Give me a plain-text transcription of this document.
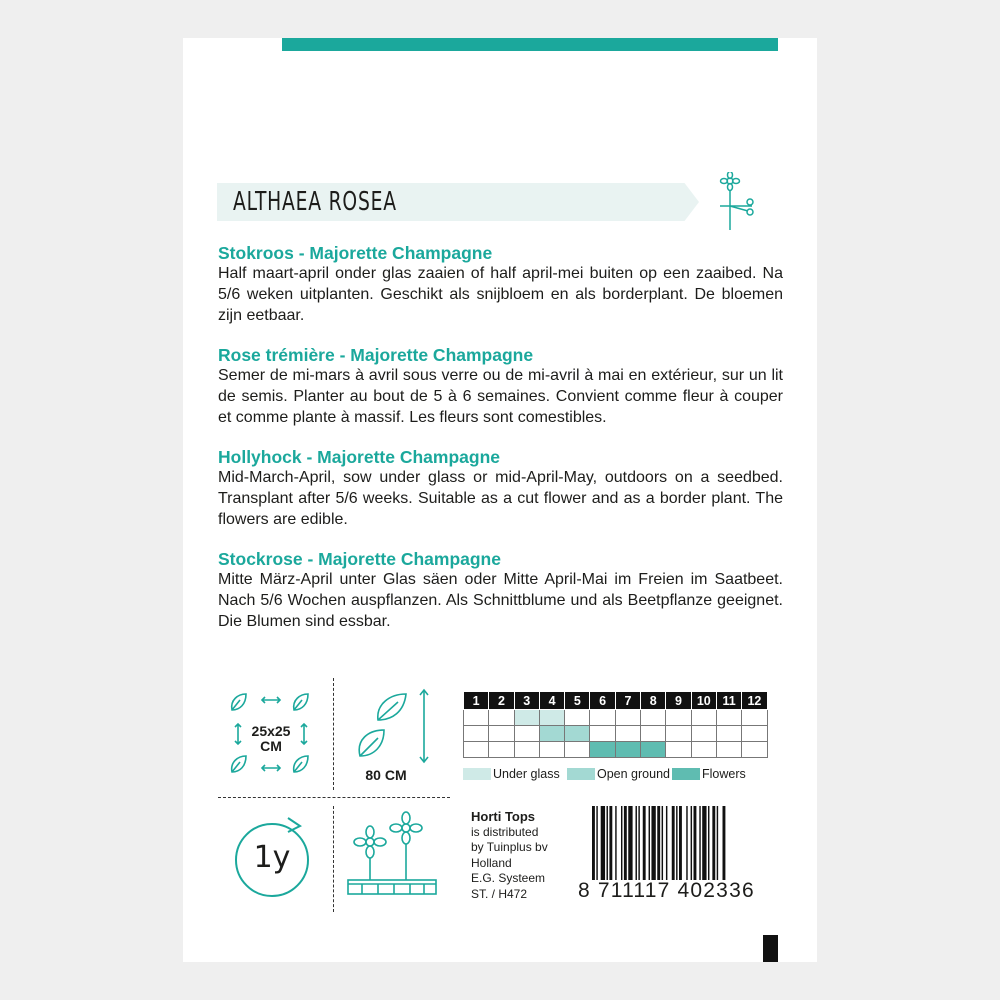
ALTHAEA ROSEA

Stokroos - Majorette Champagne

Half maart-april onder glas zaaien of half april-mei buiten op een zaaibed. Na 5/6 weken uitplanten. Geschikt als snijbloem en als borderplant. De bloemen zijn eetbaar.

Rose trémière - Majorette Champagne

Semer de mi-mars à avril sous verre ou de mi-avril à mai en extérieur, sur un lit de semis. Planter au bout de 5 à 6 semaines. Convient comme fleur à couper et comme plante à massif. Les fleurs sont comestibles.

Hollyhock - Majorette Champagne

Mid-March-April, sow under glass or mid-April-May, outdoors on a seedbed. Transplant after 5/6 weeks. Suitable as a cut flower and as a border plant. The flowers are edible.

Stockrose - Majorette Champagne

Mitte März-April unter Glas säen oder Mitte April-Mai im Freien im Saatbeet. Nach 5/6 Wochen auspflanzen. Als Schnittblume und als Beetpflanze geeignet. Die Blumen sind essbar.

25x25
CM
80 CM
1y
1	2	3	4	5	6	7	8	9	10	11	12

Under glass	Open ground	Flowers
Horti Tops
is distributed
by Tuinplus bv
Holland
E.G. Systeem
ST. / H472	8 711117 402336
